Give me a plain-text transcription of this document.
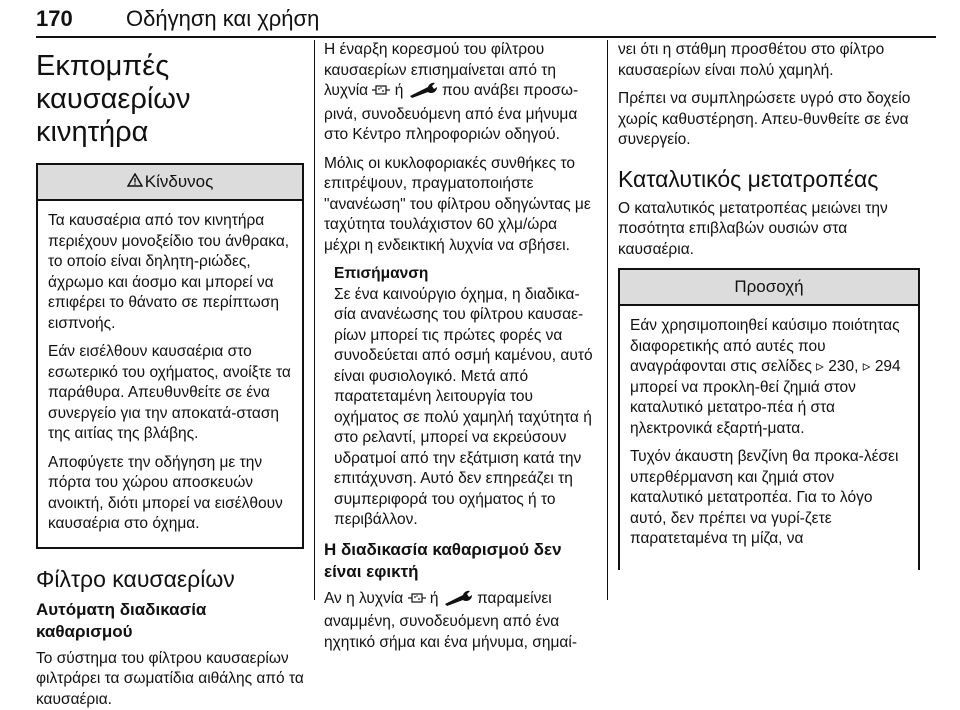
170 Οδήγηση και χρήση
Εκπομπές καυσαερίων κινητήρα
Κίνδυνος

Τα καυσαέρια από τον κινητήρα περιέχουν μονοξείδιο του άνθρακα, το οποίο είναι δηλητη-ριώδες, άχρωμο και άοσμο και μπορεί να επιφέρει το θάνατο σε περίπτωση εισπνοής.

Εάν εισέλθουν καυσαέρια στο εσωτερικό του οχήματος, ανοίξτε τα παράθυρα. Απευθυνθείτε σε ένα συνεργείο για την αποκατά-σταση της αιτίας της βλάβης.

Αποφύγετε την οδήγηση με την πόρτα του χώρου αποσκευών ανοικτή, διότι μπορεί να εισέλθουν καυσαέρια στο όχημα.

Φίλτρο καυσαερίων
Αυτόματη διαδικασία καθαρισμού

Το σύστημα του φίλτρου καυσαερίων φιλτράρει τα σωματίδια αιθάλης από τα καυσαέρια.

Η έναρξη κορεσμού του φίλτρου καυσαερίων επισημαίνεται από τη λυχνία ή που ανάβει προσω-ρινά, συνοδευόμενη από ένα μήνυμα στο Κέντρο πληροφοριών οδηγού.

Μόλις οι κυκλοφοριακές συνθήκες το επιτρέψουν, πραγματοποιήστε "ανανέωση" του φίλτρου οδηγώντας με ταχύτητα τουλάχιστον 60 χλμ/ώρα μέχρι η ενδεικτική λυχνία να σβήσει.

Επισήμανση

Σε ένα καινούργιο όχημα, η διαδικα-σία ανανέωσης του φίλτρου καυσαε-ρίων μπορεί τις πρώτες φορές να συνοδεύεται από οσμή καμένου, αυτό είναι φυσιολογικό. Μετά από παρατεταμένη λειτουργία του οχήματος σε πολύ χαμηλή ταχύτητα ή στο ρελαντί, μπορεί να εκρεύσουν υδρατμοί από την εξάτμιση κατά την επιτάχυνση. Αυτό δεν επηρεάζει τη συμπεριφορά του οχήματος ή το περιβάλλον.

Η διαδικασία καθαρισμού δεν είναι εφικτή

Αν η λυχνία ή παραμείνει αναμμένη, συνοδευόμενη από ένα ηχητικό σήμα και ένα μήνυμα, σημαί-

νει ότι η στάθμη προσθέτου στο φίλτρο καυσαερίων είναι πολύ χαμηλή.

Πρέπει να συμπληρώσετε υγρό στο δοχείο χωρίς καθυστέρηση. Απευ-θυνθείτε σε ένα συνεργείο.

Καταλυτικός μετατροπέας

Ο καταλυτικός μετατροπέας μειώνει την ποσότητα επιβλαβών ουσιών στα καυσαέρια.

Προσοχή

Εάν χρησιμοποιηθεί καύσιμο ποιότητας διαφορετικής από αυτές που αναγράφονται στις σελίδες ▹ 230, ▹ 294 μπορεί να προκλη-θεί ζημιά στον καταλυτικό μετατρο-πέα ή στα ηλεκτρονικά εξαρτή-ματα.

Τυχόν άκαυστη βενζίνη θα προκα-λέσει υπερθέρμανση και ζημιά στον καταλυτικό μετατροπέα. Για το λόγο αυτό, δεν πρέπει να γυρί-ζετε παρατεταμένα τη μίζα, να
